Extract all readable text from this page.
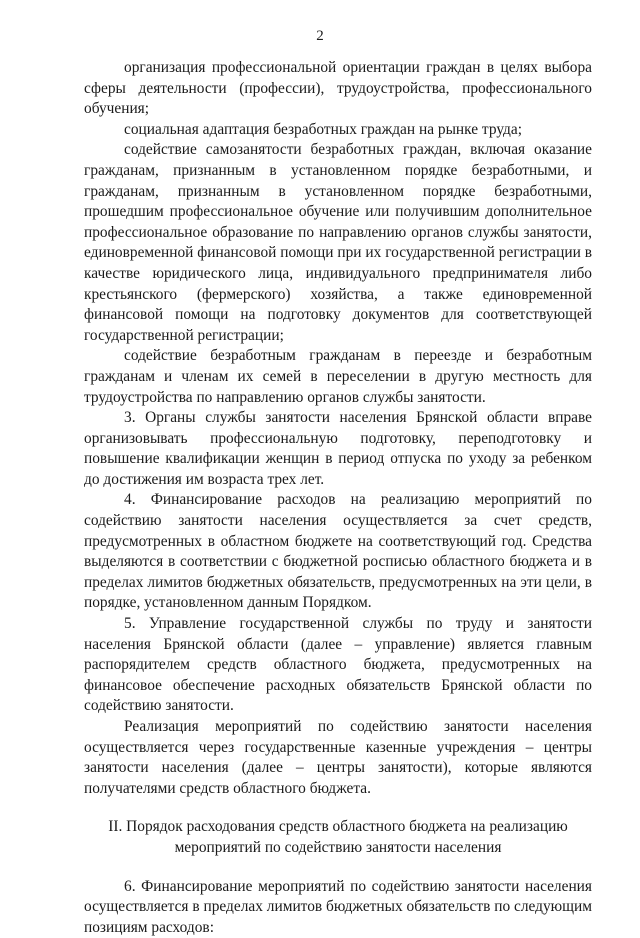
2

организация профессиональной ориентации граждан в целях выбора сферы деятельности (профессии), трудоустройства, профессионального обучения;

социальная адаптация безработных граждан на рынке труда;

содействие самозанятости безработных граждан, включая оказание гражданам, признанным в установленном порядке безработными, и гражданам, признанным в установленном порядке безработными, прошедшим профессиональное обучение или получившим дополнительное профессиональное образование по направлению органов службы занятости, единовременной финансовой помощи при их государственной регистрации в качестве юридического лица, индивидуального предпринимателя либо крестьянского (фермерского) хозяйства, а также единовременной финансовой помощи на подготовку документов для соответствующей государственной регистрации;

содействие безработным гражданам в переезде и безработным гражданам и членам их семей в переселении в другую местность для трудоустройства по направлению органов службы занятости.

3. Органы службы занятости населения Брянской области вправе организовывать профессиональную подготовку, переподготовку и повышение квалификации женщин в период отпуска по уходу за ребенком до достижения им возраста трех лет.

4. Финансирование расходов на реализацию мероприятий по содействию занятости населения осуществляется за счет средств, предусмотренных в областном бюджете на соответствующий год. Средства выделяются в соответствии с бюджетной росписью областного бюджета и в пределах лимитов бюджетных обязательств, предусмотренных на эти цели, в порядке, установленном данным Порядком.

5. Управление государственной службы по труду и занятости населения Брянской области (далее – управление) является главным распорядителем средств областного бюджета, предусмотренных на финансовое обеспечение расходных обязательств Брянской области по содействию занятости.

Реализация мероприятий по содействию занятости населения осуществляется через государственные казенные учреждения – центры занятости населения (далее – центры занятости), которые являются получателями средств областного бюджета.

II. Порядок расходования средств областного бюджета на реализацию
мероприятий по содействию занятости населения

6. Финансирование мероприятий по содействию занятости населения осуществляется в пределах лимитов бюджетных обязательств по следующим позициям расходов:
